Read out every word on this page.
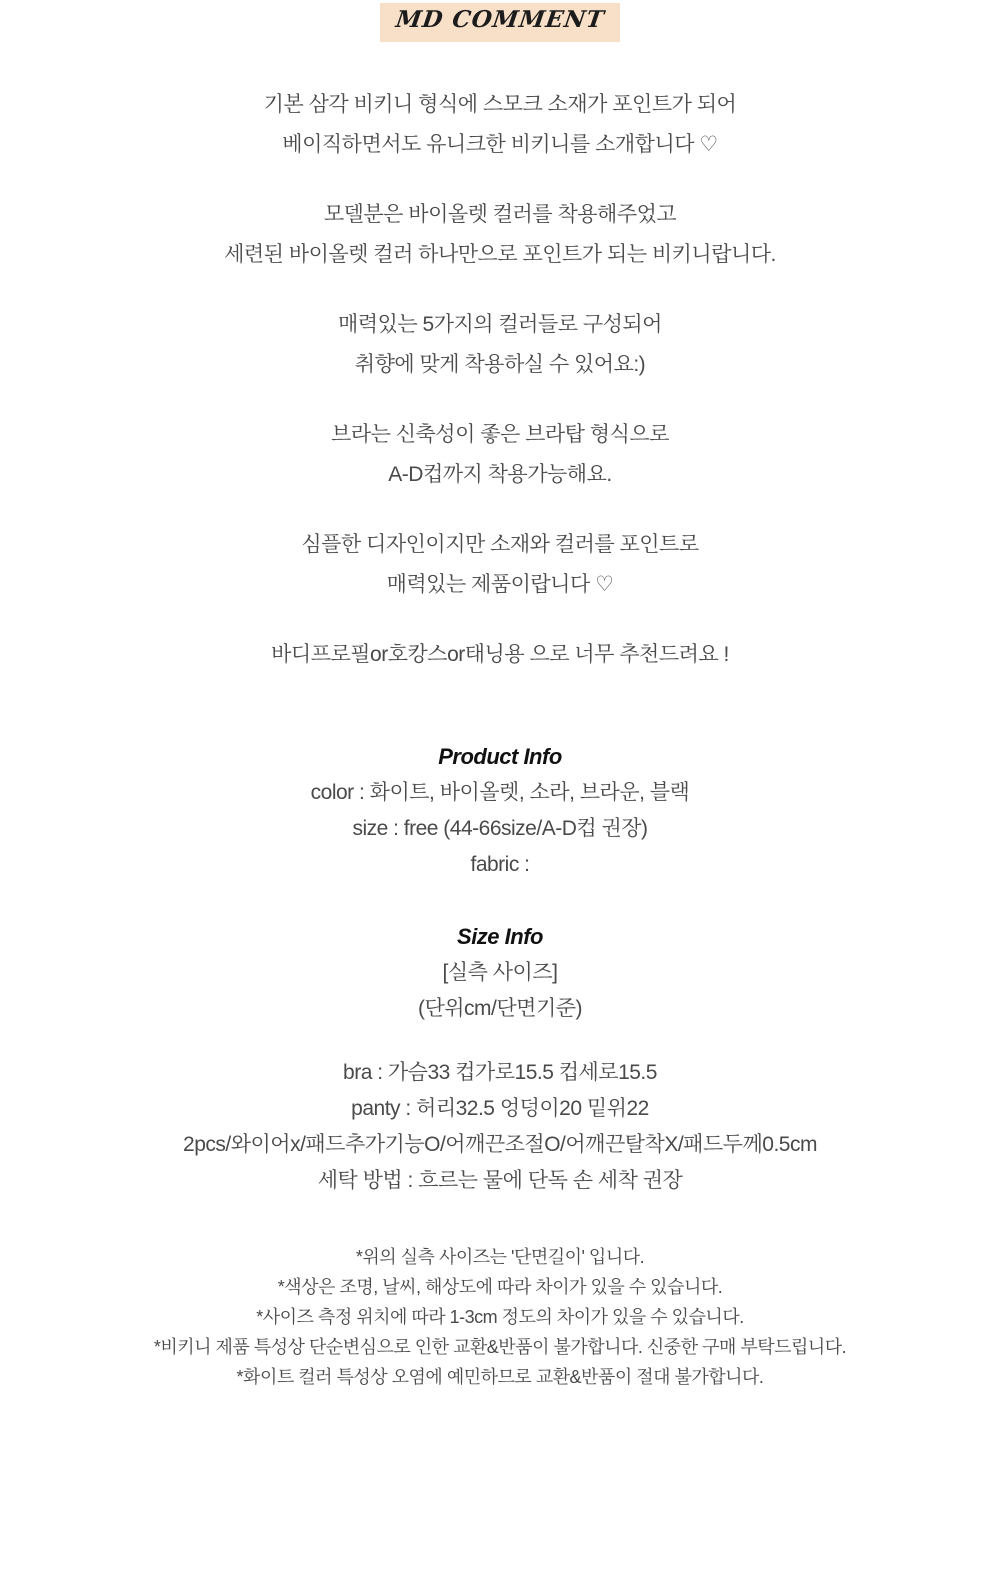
MD COMMENT
기본 삼각 비키니 형식에 스모크 소재가 포인트가 되어
베이직하면서도 유니크한 비키니를 소개합니다 ♡
모델분은 바이올렛 컬러를 착용해주었고
세련된 바이올렛 컬러 하나만으로 포인트가 되는 비키니랍니다.
매력있는 5가지의 컬러들로 구성되어
취향에 맞게 착용하실 수 있어요:)
브라는 신축성이 좋은 브라탑 형식으로
A-D컵까지 착용가능해요.
심플한 디자인이지만 소재와 컬러를 포인트로
매력있는 제품이랍니다 ♡
바디프로필or호캉스or태닝용 으로 너무 추천드려요 !
Product Info
color : 화이트, 바이올렛, 소라, 브라운, 블랙
size : free (44-66size/A-D컵 권장)
fabric :
Size Info
[실측 사이즈]
(단위cm/단면기준)
bra : 가슴33 컵가로15.5 컵세로15.5
panty : 허리32.5 엉덩이20 밑위22
2pcs/와이어x/패드추가기능O/어깨끈조절O/어깨끈탈착X/패드두께0.5cm
세탁 방법 : 흐르는 물에 단독 손 세착 권장
*위의 실측 사이즈는 '단면길이' 입니다.
*색상은 조명, 날씨, 해상도에 따라 차이가 있을 수 있습니다.
*사이즈 측정 위치에 따라 1-3cm 정도의 차이가 있을 수 있습니다.
*비키니 제품 특성상 단순변심으로 인한 교환&반품이 불가합니다. 신중한 구매 부탁드립니다.
*화이트 컬러 특성상 오염에 예민하므로 교환&반품이 절대 불가합니다.
